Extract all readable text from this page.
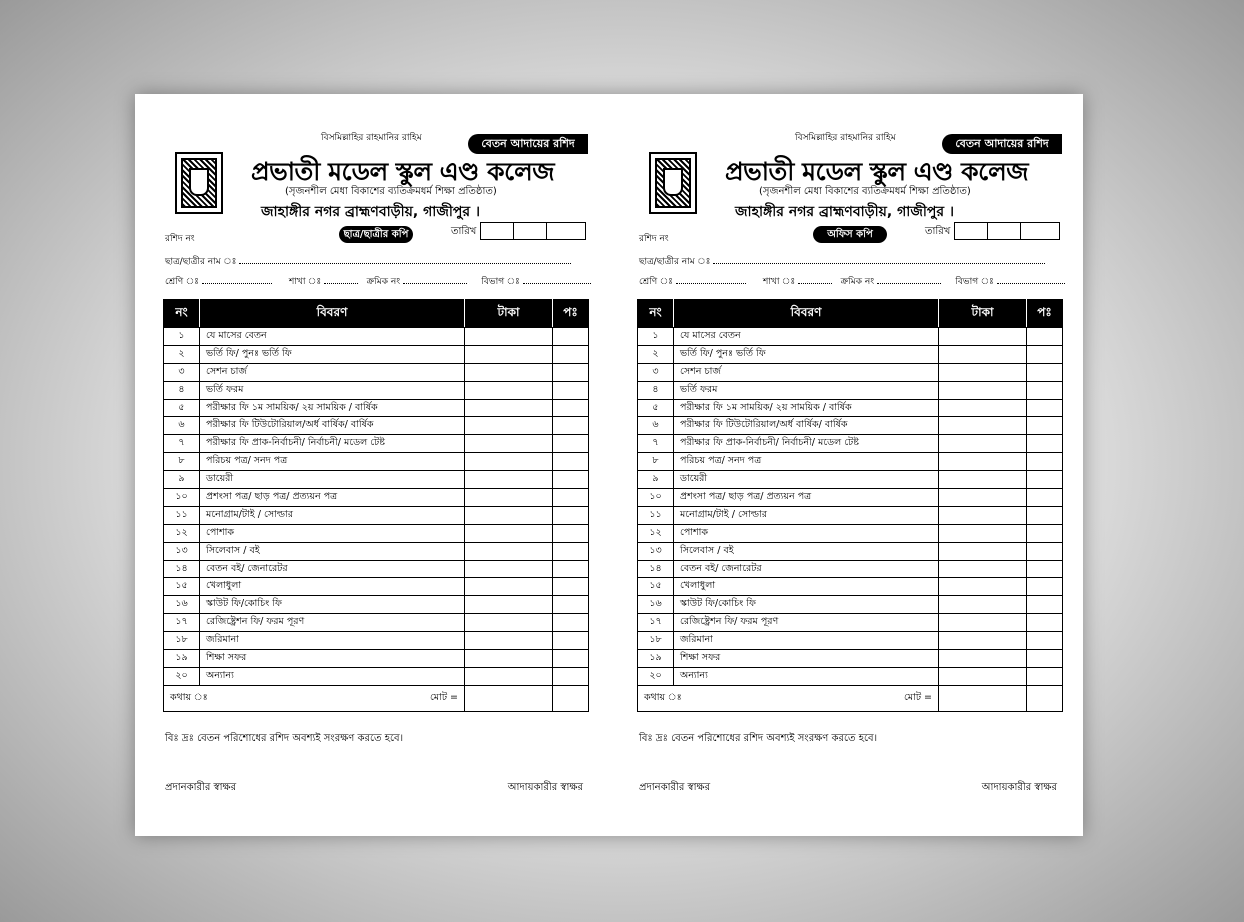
বিসমিল্লাহির রাহমানির রাহিম	বেতন আদায়ের রশিদ
প্রভাতী মডেল স্কুল এণ্ড কলেজ
(সৃজনশীল মেধা বিকাশের ব্যতিক্রমধর্ম শিক্ষা প্রতিষ্ঠাত)
জাহাঙ্গীর নগর ব্রাহ্মণবাড়ীয়, গাজীপুর ।
রশিদ নং	ছাত্র/ছাত্রীর কপি	তারিখ
ছাত্র/ছাত্রীর নাম ঃ
শ্রেণি ঃ	শাখা ঃ	ক্রমিক নং	বিভাগ ঃ
নং	বিবরণ	টাকা	পঃ
১	যে মাসের বেতন		
২	ভর্তি ফি/ পুনঃ ভর্তি ফি		
৩	সেশন চার্জ		
৪	ভর্তি ফরম		
৫	পরীক্ষার ফি ১ম সাময়িক/ ২য় সাময়িক / বার্ষিক		
৬	পরীক্ষার ফি টিউটোরিয়াল/অর্ধ বার্ষিক/ বার্ষিক		
৭	পরীক্ষার ফি প্রাক-নির্বাচনী/ নির্বাচনী/ মডেল টেষ্ট		
৮	পরিচয় পত্র/ সনদ পত্র		
৯	ডায়েরী		
১০	প্রশংসা পত্র/ ছাড় পত্র/ প্রত্যয়ন পত্র		
১১	মনোগ্রাম/টাই / সোল্ডার		
১২	পোশাক		
১৩	সিলেবাস / বই		
১৪	বেতন বই/ জেনারেটর		
১৫	খেলাধুলা		
১৬	স্কাউট ফি/কোচিং ফি		
১৭	রেজিষ্ট্রেশন ফি/ ফরম পূরণ		
১৮	জরিমানা		
১৯	শিক্ষা সফর		
২০	অন্যান্য		

কথায় ঃ মোট =			

বিঃ দ্রঃ বেতন পরিশোধের রশিদ অবশ্যই সংরক্ষণ করতে হবে।
প্রদানকারীর স্বাক্ষর	আদায়কারীর স্বাক্ষর
বিসমিল্লাহির রাহমানির রাহিম	বেতন আদায়ের রশিদ
প্রভাতী মডেল স্কুল এণ্ড কলেজ
(সৃজনশীল মেধা বিকাশের ব্যতিক্রমধর্ম শিক্ষা প্রতিষ্ঠাত)
জাহাঙ্গীর নগর ব্রাহ্মণবাড়ীয়, গাজীপুর ।
রশিদ নং	অফিস কপি	তারিখ
ছাত্র/ছাত্রীর নাম ঃ
শ্রেণি ঃ	শাখা ঃ	ক্রমিক নং	বিভাগ ঃ
নং	বিবরণ	টাকা	পঃ
১	যে মাসের বেতন		
২	ভর্তি ফি/ পুনঃ ভর্তি ফি		
৩	সেশন চার্জ		
৪	ভর্তি ফরম		
৫	পরীক্ষার ফি ১ম সাময়িক/ ২য় সাময়িক / বার্ষিক		
৬	পরীক্ষার ফি টিউটোরিয়াল/অর্ধ বার্ষিক/ বার্ষিক		
৭	পরীক্ষার ফি প্রাক-নির্বাচনী/ নির্বাচনী/ মডেল টেষ্ট		
৮	পরিচয় পত্র/ সনদ পত্র		
৯	ডায়েরী		
১০	প্রশংসা পত্র/ ছাড় পত্র/ প্রত্যয়ন পত্র		
১১	মনোগ্রাম/টাই / সোল্ডার		
১২	পোশাক		
১৩	সিলেবাস / বই		
১৪	বেতন বই/ জেনারেটর		
১৫	খেলাধুলা		
১৬	স্কাউট ফি/কোচিং ফি		
১৭	রেজিষ্ট্রেশন ফি/ ফরম পূরণ		
১৮	জরিমানা		
১৯	শিক্ষা সফর		
২০	অন্যান্য		

কথায় ঃ মোট =			

বিঃ দ্রঃ বেতন পরিশোধের রশিদ অবশ্যই সংরক্ষণ করতে হবে।
প্রদানকারীর স্বাক্ষর	আদায়কারীর স্বাক্ষর
